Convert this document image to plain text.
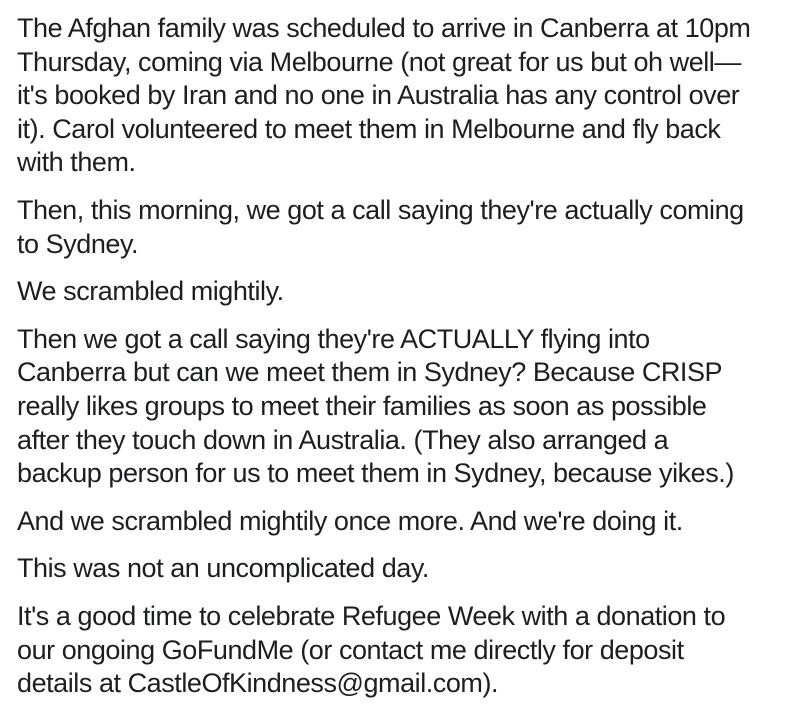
The Afghan family was scheduled to arrive in Canberra at 10pm
Thursday, coming via Melbourne (not great for us but oh well—
it's booked by Iran and no one in Australia has any control over
it). Carol volunteered to meet them in Melbourne and fly back
with them.

Then, this morning, we got a call saying they're actually coming
to Sydney.

We scrambled mightily.

Then we got a call saying they're ACTUALLY flying into
Canberra but can we meet them in Sydney? Because CRISP
really likes groups to meet their families as soon as possible
after they touch down in Australia. (They also arranged a
backup person for us to meet them in Sydney, because yikes.)

And we scrambled mightily once more. And we're doing it.

This was not an uncomplicated day.

It's a good time to celebrate Refugee Week with a donation to
our ongoing GoFundMe (or contact me directly for deposit
details at CastleOfKindness@gmail.com).
